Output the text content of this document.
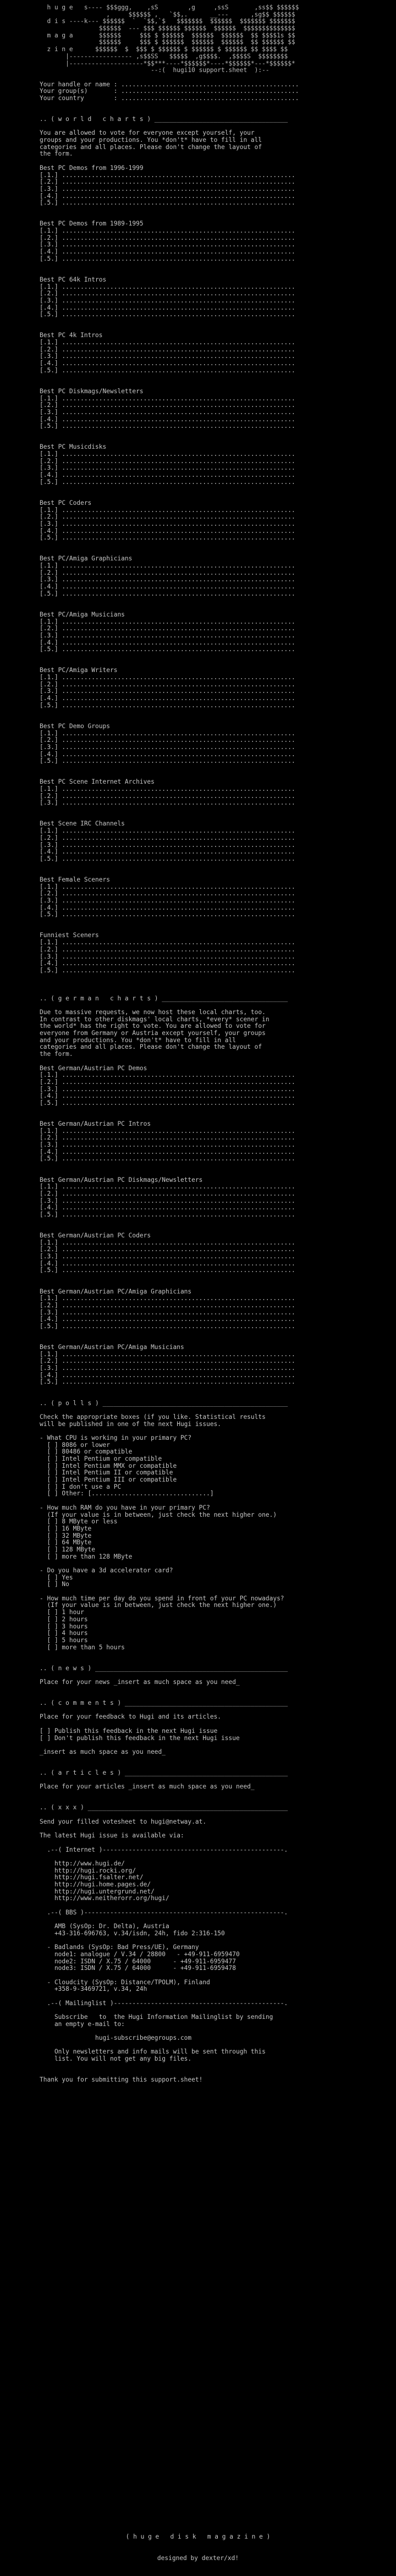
h u g e   s---- $$$ggg,    ,sS        ,g     ,ssS       ,ss$$ $$$$$$
,     $$$$$$ ,   `$$,.      __---      ,sg$$ $$$$$$
d i s ----k--- $$$$$$  `  `$$,`$   $$$$$$$  $$$$$$  $$$$$$$ $$$$$$$
$$$$$$  --- $$$ $$$$$$ $$$$$$  $$$$$$  $$$$$$$$$$$$$$
m a g a       $$$$$$     $$$ $ $$$$$$  $$$$$$  $$$$$$  $$ $$$$1s $$
$$$$$$     $$$ $ $$$$$$  $$$$$$  $$$$$$  $$ $$$$$$ $$
z i n e      $$$$$$  $  $$$ $ $$$$$$ $ $$$$$$ $ $$$$$$ $$ $$$$ $$
|----------------- ,s$$SS   $$$$$  ,g$$$$.  ,$$$$S  $$$$$$$$
|--------------------*$$***----*$$$$$$*----*$$$$$$*---*$$$$$$*
--:(  hugi10 support.sheet  ):--
Your handle or name : ................................................
Your group(s)       : ................................................
Your country        : ................................................
.. ( w o r l d   c h a r t s ) ____________________________________
You are allowed to vote for everyone except yourself, your
groups and your productions. You *don't* have to fill in all
categories and all places. Please don't change the layout of
the form.
Best PC Demos from 1996-1999
[.1.] ...............................................................
[.2.] ...............................................................
[.3.] ...............................................................
[.4.] ...............................................................
[.5.] ...............................................................
Best PC Demos from 1989-1995
[.1.] ...............................................................
[.2.] ...............................................................
[.3.] ...............................................................
[.4.] ...............................................................
[.5.] ...............................................................
Best PC 64k Intros
[.1.] ...............................................................
[.2.] ...............................................................
[.3.] ...............................................................
[.4.] ...............................................................
[.5.] ...............................................................
Best PC 4k Intros
[.1.] ...............................................................
[.2.] ...............................................................
[.3.] ...............................................................
[.4.] ...............................................................
[.5.] ...............................................................
Best PC Diskmags/Newsletters
[.1.] ...............................................................
[.2.] ...............................................................
[.3.] ...............................................................
[.4.] ...............................................................
[.5.] ...............................................................
Best PC Musicdisks
[.1.] ...............................................................
[.2.] ...............................................................
[.3.] ...............................................................
[.4.] ...............................................................
[.5.] ...............................................................
Best PC Coders
[.1.] ...............................................................
[.2.] ...............................................................
[.3.] ...............................................................
[.4.] ...............................................................
[.5.] ...............................................................
Best PC/Amiga Graphicians
[.1.] ...............................................................
[.2.] ...............................................................
[.3.] ...............................................................
[.4.] ...............................................................
[.5.] ...............................................................
Best PC/Amiga Musicians
[.1.] ...............................................................
[.2.] ...............................................................
[.3.] ...............................................................
[.4.] ...............................................................
[.5.] ...............................................................
Best PC/Amiga Writers
[.1.] ...............................................................
[.2.] ...............................................................
[.3.] ...............................................................
[.4.] ...............................................................
[.5.] ...............................................................
Best PC Demo Groups
[.1.] ...............................................................
[.2.] ...............................................................
[.3.] ...............................................................
[.4.] ...............................................................
[.5.] ...............................................................
Best PC Scene Internet Archives
[.1.] ...............................................................
[.2.] ...............................................................
[.3.] ...............................................................
Best Scene IRC Channels
[.1.] ...............................................................
[.2.] ...............................................................
[.3.] ...............................................................
[.4.] ...............................................................
[.5.] ...............................................................
Best Female Sceners
[.1.] ...............................................................
[.2.] ...............................................................
[.3.] ...............................................................
[.4.] ...............................................................
[.5.] ...............................................................
Funniest Sceners
[.1.] ...............................................................
[.2.] ...............................................................
[.3.] ...............................................................
[.4.] ...............................................................
[.5.] ...............................................................
.. ( g e r m a n   c h a r t s ) __________________________________
Due to massive requests, we now host these local charts, too.
In contrast to other diskmags' local charts, *every* scener in
the world* has the right to vote. You are allowed to vote for
everyone from Germany or Austria except yourself, your groups
and your productions. You *don't* have to fill in all
categories and all places. Please don't change the layout of
the form.
Best German/Austrian PC Demos
[.1.] ...............................................................
[.2.] ...............................................................
[.3.] ...............................................................
[.4.] ...............................................................
[.5.] ...............................................................
Best German/Austrian PC Intros
[.1.] ...............................................................
[.2.] ...............................................................
[.3.] ...............................................................
[.4.] ...............................................................
[.5.] ...............................................................
Best German/Austrian PC Diskmags/Newsletters
[.1.] ...............................................................
[.2.] ...............................................................
[.3.] ...............................................................
[.4.] ...............................................................
[.5.] ...............................................................
Best German/Austrian PC Coders
[.1.] ...............................................................
[.2.] ...............................................................
[.3.] ...............................................................
[.4.] ...............................................................
[.5.] ...............................................................
Best German/Austrian PC/Amiga Graphicians
[.1.] ...............................................................
[.2.] ...............................................................
[.3.] ...............................................................
[.4.] ...............................................................
[.5.] ...............................................................
Best German/Austrian PC/Amiga Musicians
[.1.] ...............................................................
[.2.] ...............................................................
[.3.] ...............................................................
[.4.] ...............................................................
[.5.] ...............................................................
.. ( p o l l s ) __________________________________________________
Check the appropriate boxes (if you like. Statistical results
will be published in one of the next Hugi issues.
- What CPU is working in your primary PC?
[ ] 8086 or lower
[ ] 80486 or compatible
[ ] Intel Pentium or compatible
[ ] Intel Pentium MMX or compatible
[ ] Intel Pentium II or compatible
[ ] Intel Pentium III or compatible
[ ] I don't use a PC
[ ] Other: [................................]
- How much RAM do you have in your primary PC?
(If your value is in between, just check the next higher one.)
[ ] 8 MByte or less
[ ] 16 MByte
[ ] 32 MByte
[ ] 64 MByte
[ ] 128 MByte
[ ] more than 128 MByte
- Do you have a 3d accelerator card?
[ ] Yes
[ ] No
- How much time per day do you spend in front of your PC nowadays?
(If your value is in between, just check the next higher one.)
[ ] 1 hour
[ ] 2 hours
[ ] 3 hours
[ ] 4 hours
[ ] 5 hours
[ ] more than 5 hours
.. ( n e w s ) ____________________________________________________
Place for your news _insert as much space as you need_
.. ( c o m m e n t s ) ____________________________________________
Place for your feedback to Hugi and its articles.

[ ] Publish this feedback in the next Hugi issue
[ ] Don't publish this feedback in the next Hugi issue

_insert as much space as you need_
.. ( a r t i c l e s ) ____________________________________________
Place for your articles _insert as much space as you need_
.. ( x x x ) ______________________________________________________
Send your filled votesheet to hugi@netway.at.

The latest Hugi issue is available via:

.--( Internet )-------------------------------------------------.

http://www.hugi.de/
http://hugi.rocki.org/
http://hugi.fsalter.net/
http://hugi.home.pages.de/
http://hugi.untergrund.net/
http://www.neitherorr.org/hugi/

.--( BBS )------------------------------------------------------.

AMB (SysOp: Dr. Delta), Austria
+43-316-696763, v.34/isdn, 24h, fido 2:316-150

- Badlands (SysOp: Bad Press/UE), Germany
node1: analogue / V.34 / 28800   - +49-911-6959470
node2: ISDN / X.75 / 64000      - +49-911-6959477
node3: ISDN / X.75 / 64000      - +49-911-6959478

- Cloudcity (SysOp: Distance/TPOLM), Finland
+358-9-3469721, v.34, 24h

.--( Mailinglist )----------------------------------------------.

Subscribe   to  the Hugi Information Mailinglist by sending
an empty e-mail to:

hugi-subscribe@egroups.com

Only newsletters and info mails will be sent through this
list. You will not get any big files.

Thank you for submitting this support.sheet!

( h u g e   d i s k   m a g a z i n e )

designed by dexter/xd!
